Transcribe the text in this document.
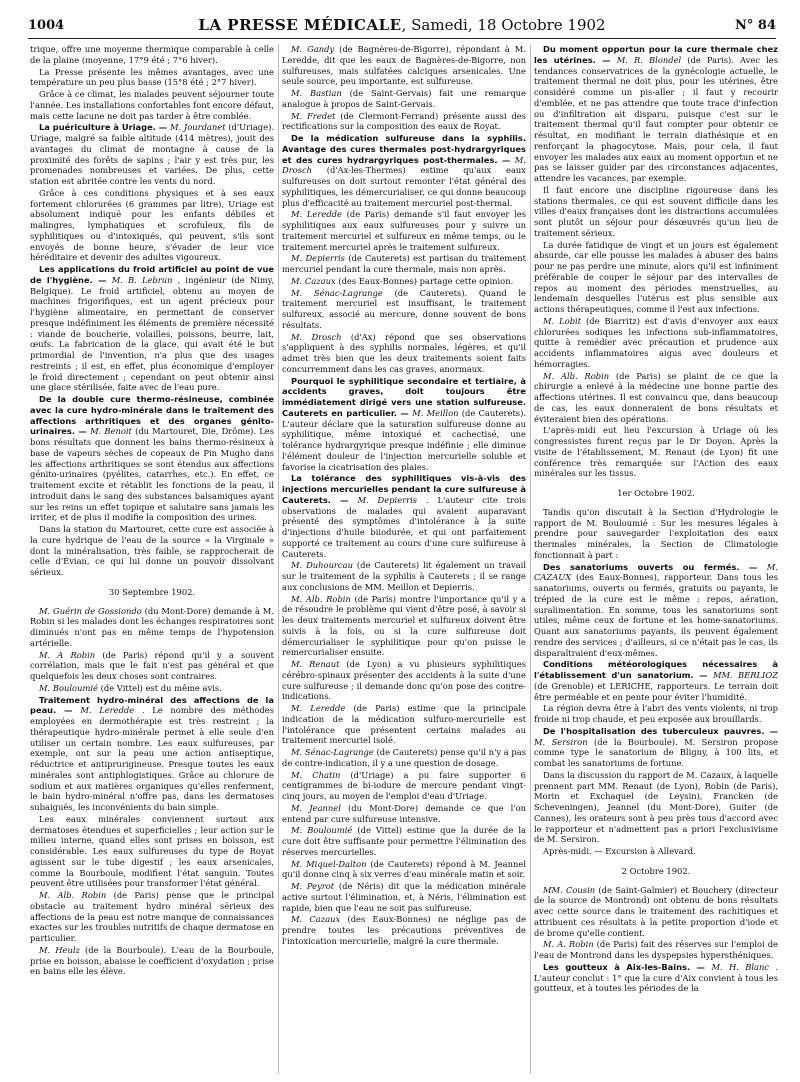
1004	LA PRESSE MÉDICALE, Samedi, 18 Octobre 1902	N° 84

trique, offre une moyenne thermique comparable à celle de la plaine (moyenne, 17°9 été ; 7°6 hiver).

La Presse présente les mêmes avantages, avec une température un peu plus basse (15°8 été ; 2°7 hiver).

Grâce à ce climat, les malades peuvent séjourner toute l'année. Les installations confortables font encore défaut, mais cette lacune ne doit pas tarder à être comblée.

La puériculture à Uriage. — M. Jourdanet (d'Uriage). Uriage, malgré sa faible altitude (414 mètres), jouit des avantages du climat de montagne à cause de la proximité des forêts de sapins ; l'air y est très pur, les promenades nombreuses et variées. De plus, cette station est abritée contre les vents du nord.

Grâce à ces conditions physiques et à ses eaux fortement chlorurées (6 grammes par litre), Uriage est absolument indiqué pour les enfants débiles et malingres, lymphatiques et scrofuleux, fils de syphilitiques ou d'intoxiqués, qui peuvent, s'ils sont envoyés de bonne heure, s'évader de leur vice héréditaire et devenir des adultes vigoureux.

Les applications du froid artificiel au point de vue de l'hygiène. — M. B. Lebrun , ingénieur (de Nimy, Belgique). Le froid artificiel, obtenu au moyen de machines frigorifiques, est un agent précieux pour l'hygiène alimentaire, en permettant de conserver presque indéfiniment les éléments de première nécessité : viande de boucherie, volailles, poissons, beurre, lait, œufs. La fabrication de la glace, qui avait été le but primordial de l'invention, n'a plus que des usages restreints ; il est, en effet, plus économique d'employer le froid directement ; cependant on peut obtenir ainsi une glace stérilisée, faite avec de l'eau pure.

De la double cure thermo-résineuse, combinée avec la cure hydro-minérale dans le traitement des affections arthritiques et des organes génito-urinaires. — M. Benoit (du Martouret, Die, Drôme). Les bons résultats que donnent les bains thermo-résineux à base de vapeurs sèches de copeaux de Pin Mugho dans les affections arthritiques se sont étendus aux affections génito-urinaires (pyélites, catarrhes, etc.). En effet, ce traitement excite et rétablit les fonctions de la peau, il introduit dans le sang des substances balsamiques ayant sur les reins un effet topique et salutaire sans jamais les irriter, et de plus il modifie la composition des urines.

Dans la station du Martouret, cette cure est associée à la cure hydrique de l'eau de la source « la Virginale » dont la minéralisation, très faible, se rapprocherait de celle d'Évian, ce qui lui donne un pouvoir dissolvant sérieux.

30 Septembre 1902.

M. Guérin de Gossiondo (du Mont-Dore) demande à M. Robin si les malades dont les échanges respiratoires sont diminués n'ont pas en même temps de l'hypotension artérielle.

M. A Robin (de Paris) répond qu'il y a souvent corrélation, mais que le fait n'est pas général et que quelquefois les deux choses sont contraires.

M. Bouloumié (de Vittel) est du même avis.

Traitement hydro-minéral des affections de la peau. — M. Leredde . Le nombre des méthodes employées en dermothérapie est très restreint ; la thérapeutique hydro-minérale permet à elle seule d'en utiliser un certain nombre. Les eaux sulfureuses, par exemple, ont sur la peau une action antiseptique, réductrice et antiprurigineuse. Presque toutes les eaux minérales sont antiphlogistiques. Grâce au chlorure de sodium et aux matières organiques qu'elles renferment, le bain hydro-minéral n'offre pas, dans les dermatoses subaiguës, les inconvénients du bain simple.

Les eaux minérales conviennent surtout aux dermatoses étendues et superficielles ; leur action sur le milieu interne, quand elles sont prises en boisson, est considérable. Les eaux sulfureuses du type de Royat agissent sur le tube digestif ; les eaux arsenicales, comme la Bourboule, modifient l'état sanguin. Toutes peuvent être utilisées pour transformer l'état général.

M. Alb. Robin (de Paris) pense que le principal obstacle au traitement hydro minéral sérieux des affections de la peau est notre manque de connaissances exactes sur les troubles nutritifs de chaque dermatose en particulier.

M. Heulz (de la Bourboule). L'eau de la Bourboule, prise en boisson, abaisse le coefficient d'oxydation ; prise en bains elle les élève.

M. Gandy (de Bagnères-de-Bigorre), répondant à M. Leredde, dit que les eaux de Bagnères-de-Bigorre, non sulfureuses, mais sulfatées calciques arsenicales. Une seule source, peu importante, est sulfureuse.

M. Bastian (de Saint-Gervais) fait une remarque analogue à propos de Saint-Gervais.

M. Fredet (de Clermont-Ferrand) présente aussi des rectifications sur la composition des eaux de Royat.

De la médication sulfureuse dans la syphilis. Avantage des cures thermales post-hydrargyriques et des cures hydrargyriques post-thermales. — M. Drosch (d'Ax-les-Thermes) estime qu'aux eaux sulfureuses on doit surtout remonter l'état général des syphilitiques, les démercurialiser, ce qui donne beaucoup plus d'efficacité au traitement mercuriel post-thermal.

M. Leredde (de Paris) demande s'il faut envoyer les syphilitiques aux eaux sulfureuses pour y suivre un traitement mercuriel et sulfureux en même temps, ou le traitement mercuriel après le traitement sulfureux.

M. Depierris (de Cauterets) est partisan du traitement mercuriel pendant la cure thermale, mais non après.

M. Cazaux (des Eaux-Bonnes) partage cette opinion.

M. Sénac-Lagrange (de Cauterets). Quand le traitement mercuriel est insuffisant, le traitement sulfureux, associé au mercure, donne souvent de bons résultats.

M. Drosch (d'Ax) répond que ses observations s'appliquent à des syphilis normales, légères, et qu'il admet très bien que les deux traitements soient faits concurremment dans les cas graves, anormaux.

Pourquoi le syphilitique secondaire et tertiaire, à accidents graves, doit toujours être immédiatement dirigé vers une station sulfureuse. Cauterets en particulier. — M. Meillon (de Cauterets). L'auteur déclare que la saturation sulfureuse donne au syphilitique, même intoxiqué et cachectisé, une tolérance hydrargyrique presque indéfinie ; elle diminue l'élément douleur de l'injection mercurielle soluble et favorise la cicatrisation des plaies.

La tolérance des syphilitiques vis-à-vis des injections mercurielles pendant la cure sulfureuse à Cauterets. — M. Depierris . L'auteur cite trois observations de malades qui avaient auparavant présenté des symptômes d'intolérance à la suite d'injections d'huile biiodurée, et qui ont parfaitement supporté ce traitement au cours d'une cure sulfureuse à Cauterets.

M. Duhourcau (de Cauterets) lit également un travail sur le traitement de la syphilis à Cauterets ; il se range aux conclusions de MM. Meillon et Depierris.

M. Alb. Robin (de Paris) montre l'importance qu'il y a de résoudre le problème qui vient d'être posé, à savoir si les deux traitements mercuriel et sulfureux doivent être suivis à la fois, ou si la cure sulfureuse doit démercurialiser le syphilitique pour qu'on puisse le remercurialiser ensuite.

M. Renaut (de Lyon) a vu plusieurs syphilitiques cérébro-spinaux présenter des accidents à la suite d'une cure sulfureuse ; il demande donc qu'on pose des contre-indications.

M. Leredde (de Paris) estime que la principale indication de la médication sulfuro-mercurielle est l'intolérance que présentent certains malades au traitement mercuriel isolé.

M. Sénac-Lagrange (de Cauterets) pense qu'il n'y a pas de contre-indication, il y a une question de dosage.

M. Chatin (d'Uriage) a pu faire supporter 6 centigrammes de bi-iodure de mercure pendant vingt-cinq jours, au moyen de l'emploi d'eau d'Uriage.

M. Jeannel (du Mont-Dore) demande ce que l'on entend par cure sulfureuse intensive.

M. Bouloumié (de Vittel) estime que la durée de la cure doit être suffisante pour permettre l'élimination des réserves mercurielles.

M. Miquel-Dalton (de Cauterets) répond à M. Jeannel qu'il donne cinq à six verres d'eau minérale matin et soir.

M. Peyrot (de Néris) dit que la médication minérale active surtout l'élimination, et, à Néris, l'élimination est rapide, bien que l'eau ne soit pas sulfureuse.

M. Cazaux (des Eaux-Bonnes) ne néglige pas de prendre toutes les précautions préventives de l'intoxication mercurielle, malgré la cure thermale.

Du moment opportun pour la cure thermale chez les utérines. — M. R. Blondel (de Paris). Avec les tendances conservatrices de la gynécologie actuelle, le traitement thermal ne doit plus, pour les utérines, être considéré comme un pis-aller ; il faut y recourir d'emblée, et ne pas attendre que toute trace d'infection ou d'infiltration ait disparu, puisque c'est sur le traitement thermal qu'il faut compter pour obtenir ce résultat, en modifiant le terrain diathésique et en renforçant la phagocytose. Mais, pour cela, il faut envoyer les malades aux eaux au moment opportun et ne pas se laisser guider par des circonstances adjacentes, attendre les vacances, par exemple.

Il faut encore une discipline rigoureuse dans les stations thermales, ce qui est souvent difficile dans les villes d'eaux françaises dont les distractions accumulées sont plutôt un séjour pour désœuvrés qu'un lieu de traitement sérieux.

La durée fatidique de vingt et un jours est également absurde, car elle pousse les malades à abuser des bains pour ne pas perdre une minute, alors qu'il est infiniment préférable de couper le séjour par des intervalles de repos au moment des périodes menstruelles, au lendemain desquelles l'utérus est plus sensible aux actions thérapeutiques, comme il l'est aux infections.

M. Lobit (de Biarritz) est d'avis d'envoyer aux eaux chlorurées sodiques les infections sub-inflammatoires, quitte à remédier avec précaution et prudence aux accidents inflammatoires aigus avec douleurs et hémorragies.

M. Alb. Robin (de Paris) se plaint de ce que la chirurgie a enlevé à la médecine une bonne partie des affections utérines. Il est convaincu que, dans beaucoup de cas, les eaux donneraient de bons résultats et éviteraient bien des opérations.

L'après-midi eut lieu l'excursion à Uriage où les congressistes furent reçus par le Dr Doyon. Après la visite de l'établissement, M. Renaut (de Lyon) fit une conférence très remarquée sur l'Action des eaux minérales sur les tissus.

1er Octobre 1902.

Tandis qu'on discutait à la Section d'Hydrologie le rapport de M. Bouloumié : Sur les mesures légales à prendre pour sauvegarder l'exploitation des eaux thermales minérales, la Section de Climatologie fonctionnait à part :

Des sanatoriums ouverts ou fermés. — M. CAZAUX (des Eaux-Bonnes), rapporteur. Dans tous les sanatoriums, ouverts ou fermés, gratuits ou payants, le trépied de la cure est le même : repos, aération, suralimentation. En somme, tous les sanatoriums sont utiles, même ceux de fortune et les home-sanatoriums. Quant aux sanatoriums payants, ils peuvent également rendre des services ; d'ailleurs, si ce n'était pas le cas, ils disparaîtraient d'eux-mêmes.

Conditions météorologiques nécessaires à l'établissement d'un sanatorium. — MM. BERLIOZ (de Grenoble) et LERICHE, rapporteurs. Le terrain doit être perméable et en pente pour éviter l'humidité.

La région devra être à l'abri des vents violents, ni trop froide ni trop chaude, et peu exposée aux brouillards.

De l'hospitalisation des tuberculeux pauvres. — M. Sersiron (de la Bourboule). M. Sersiron propose comme type le sanatorium de Bligny, à 100 lits, et combat les sanatoriums de fortune.

Dans la discussion du rapport de M. Cazaux, à laquelle prennent part MM. Renaut (de Lyon), Robin (de Paris), Morin et Exchaquel (de Leysin), Francken (de Scheveningen), Jeannel (du Mont-Dore), Guiter (de Cannes), les orateurs sont à peu près tous d'accord avec le rapporteur et n'admettent pas a priori l'exclusivisme de M. Sersiron.

Après-midi. — Excursion à Allevard.

2 Octobre 1902.

MM. Cousin (de Saint-Galmier) et Bouchery (directeur de la source de Montrond) ont obtenu de bons résultats avec cette source dans le traitement des rachitiques et attribuent ces résultats à la petite proportion d'iode et de brome qu'elle contient.

M. A. Robin (de Paris) fait des réserves sur l'emploi de l'eau de Montrond dans les dyspepsies hypersthéniques.

Les goutteux à Aix-les-Bains. — M. H. Blanc . L'auteur conclut : 1° que la cure d'Aix convient à tous les goutteux, et à toutes les périodes de la
